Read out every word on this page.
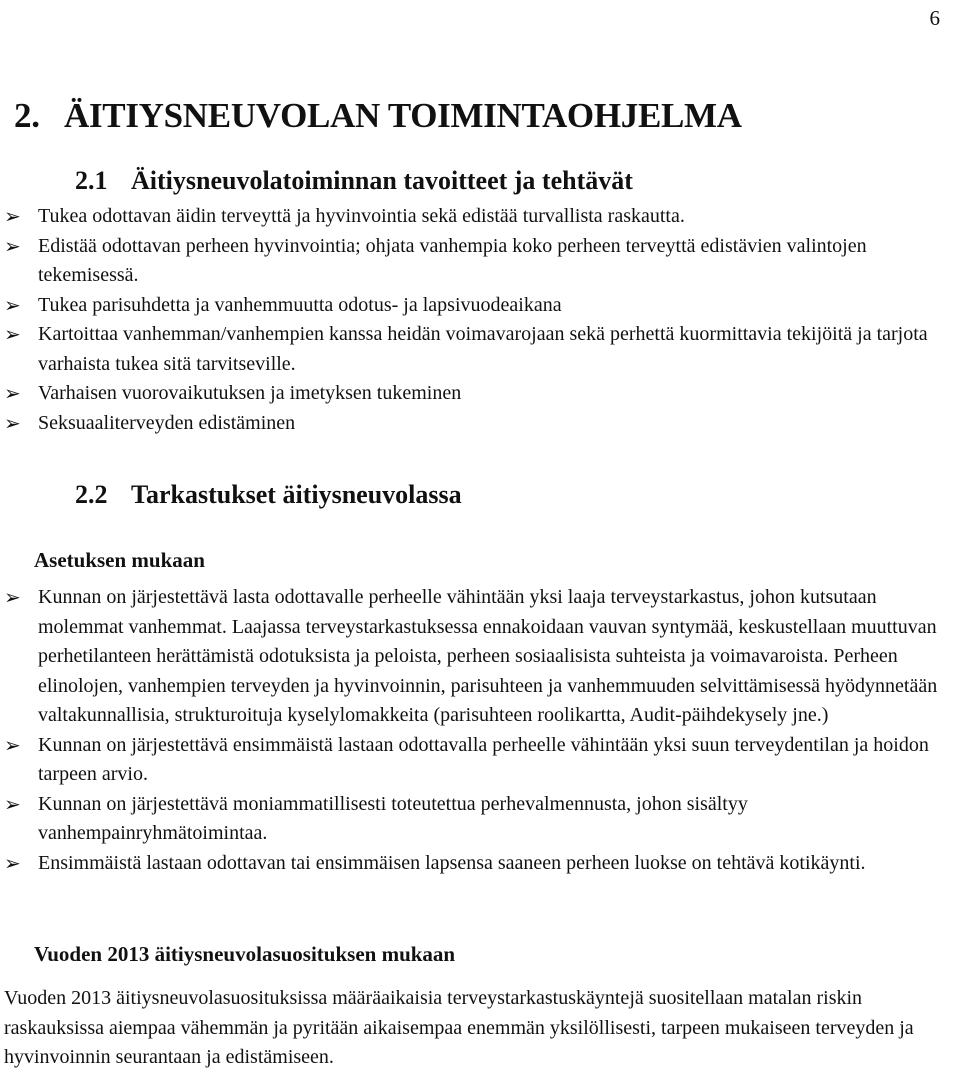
6
2. ÄITIYSNEUVOLAN TOIMINTAOHJELMA
2.1 Äitiysneuvolatoiminnan tavoitteet ja tehtävät
➢ Tukea odottavan äidin terveyttä ja hyvinvointia sekä edistää turvallista raskautta.
➢ Edistää odottavan perheen hyvinvointia; ohjata vanhempia koko perheen terveyttä edistävien valintojen tekemisessä.
➢ Tukea parisuhdetta ja vanhemmuutta odotus- ja lapsivuodeaikana
➢ Kartoittaa vanhemman/vanhempien kanssa heidän voimavarojaan sekä perhettä kuormittavia tekijöitä ja tarjota varhaista tukea sitä tarvitseville.
➢ Varhaisen vuorovaikutuksen ja imetyksen tukeminen
➢ Seksuaaliterveyden edistäminen
2.2 Tarkastukset äitiysneuvolassa
Asetuksen mukaan
➢ Kunnan on järjestettävä lasta odottavalle perheelle vähintään yksi laaja terveystarkastus, johon kutsutaan molemmat vanhemmat. Laajassa terveystarkastuksessa ennakoidaan vauvan syntymää, keskustellaan muuttuvan perhetilanteen herättämistä odotuksista ja peloista, perheen sosiaalisista suhteista ja voimavaroista. Perheen elinolojen, vanhempien terveyden ja hyvinvoinnin, parisuhteen ja vanhemmuuden selvittämisessä hyödynnetään valtakunnallisia, strukturoituja kyselylomakkeita (parisuhteen roolikartta, Audit-päihdekysely jne.)
➢ Kunnan on järjestettävä ensimmäistä lastaan odottavalla perheelle vähintään yksi suun terveydentilan ja hoidon tarpeen arvio.
➢ Kunnan on järjestettävä moniammatillisesti toteutettua perhevalmennusta, johon sisältyy vanhempainryhmätoimintaa.
➢ Ensimmäistä lastaan odottavan tai ensimmäisen lapsensa saaneen perheen luokse on tehtävä kotikäynti.
Vuoden 2013 äitiysneuvolasuosituksen mukaan
Vuoden 2013 äitiysneuvolasuosituksissa määräaikaisia terveystarkastuskäyntejä suositellaan matalan riskin raskauksissa aiempaa vähemmän ja pyritään aikaisempaa enemmän yksilöllisesti, tarpeen mukaiseen terveyden ja hyvinvoinnin seurantaan ja edistämiseen.
